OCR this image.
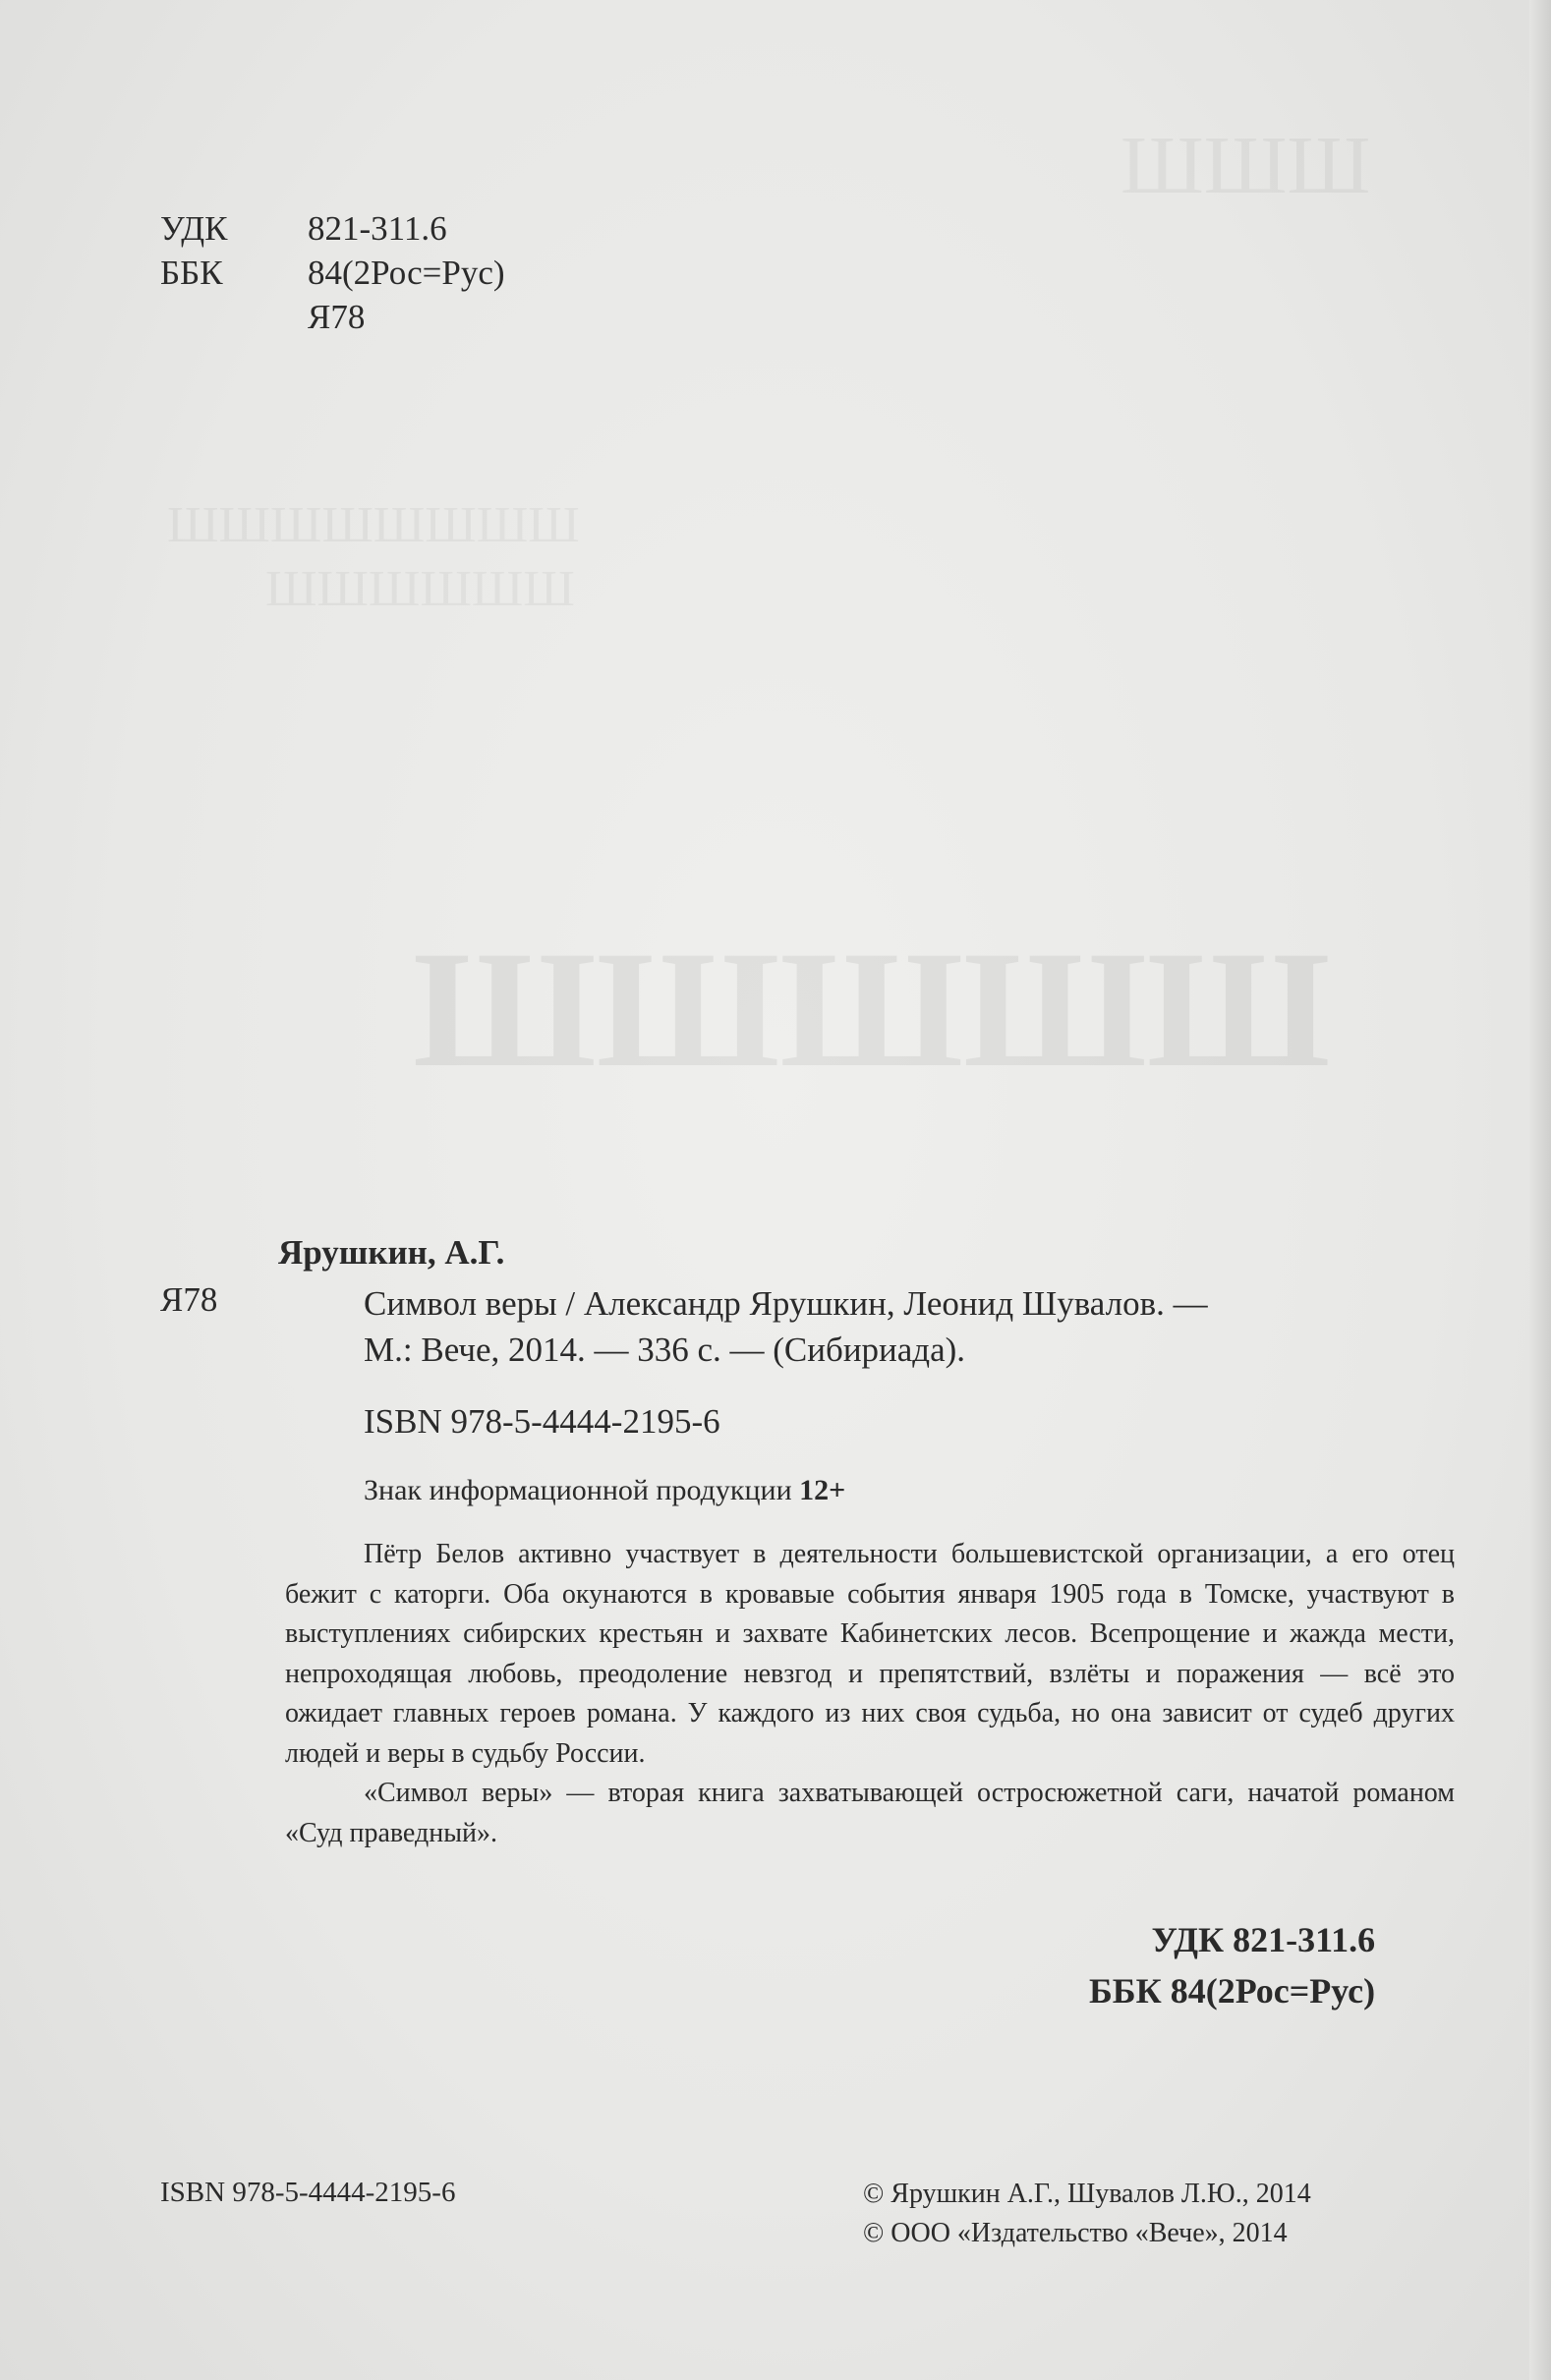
ШШШ
ШШШШШШШШ
ШШШШШШ
ШШШШШ
УДК	821-311.6
ББК	84(2Рос=Рус)
Я78
Ярушкин, А.Г.
Я78	Символ веры / Александр Ярушкин, Леонид Шувалов. —
М.: Вече, 2014. — 336 с. — (Сибириада).
ISBN 978-5-4444-2195-6
Знак информационной продукции 12+

Пётр Белов активно участвует в деятельности большевистской организации, а его отец бежит с каторги. Оба окунаются в кровавые события января 1905 года в Томске, участвуют в выступлениях сибирских крестьян и захвате Кабинетских лесов. Всепрощение и жажда мести, непроходящая любовь, преодоление невзгод и препятствий, взлёты и поражения — всё это ожидает главных героев романа. У каждого из них своя судьба, но она зависит от судеб других людей и веры в судьбу России.

«Символ веры» — вторая книга захватывающей остросюжетной саги, начатой романом «Суд праведный».

УДК 821-311.6
ББК 84(2Рос=Рус)
ISBN 978-5-4444-2195-6	© Ярушкин А.Г., Шувалов Л.Ю., 2014
© ООО «Издательство «Вече», 2014
